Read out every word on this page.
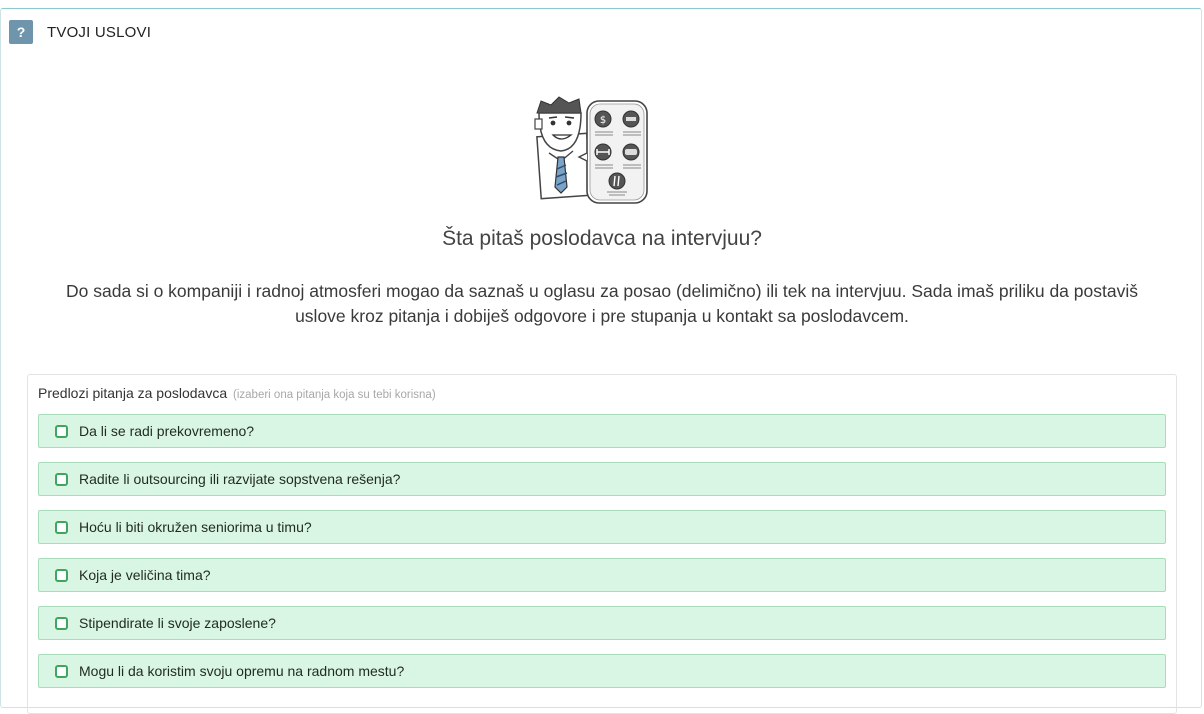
?	TVOJI USLOVI
$
Šta pitaš poslodavca na intervjuu?
Do sada si o kompaniji i radnoj atmosferi mogao da saznaš u oglasu za posao (delimično) ili tek na intervjuu. Sada imaš priliku da postaviš uslove kroz pitanja i dobiješ odgovore i pre stupanja u kontakt sa poslodavcem.
Predlozi pitanja za poslodavca (izaberi ona pitanja koja su tebi korisna)
Da li se radi prekovremeno?
Radite li outsourcing ili razvijate sopstvena rešenja?
Hoću li biti okružen seniorima u timu?
Koja je veličina tima?
Stipendirate li svoje zaposlene?
Mogu li da koristim svoju opremu na radnom mestu?
